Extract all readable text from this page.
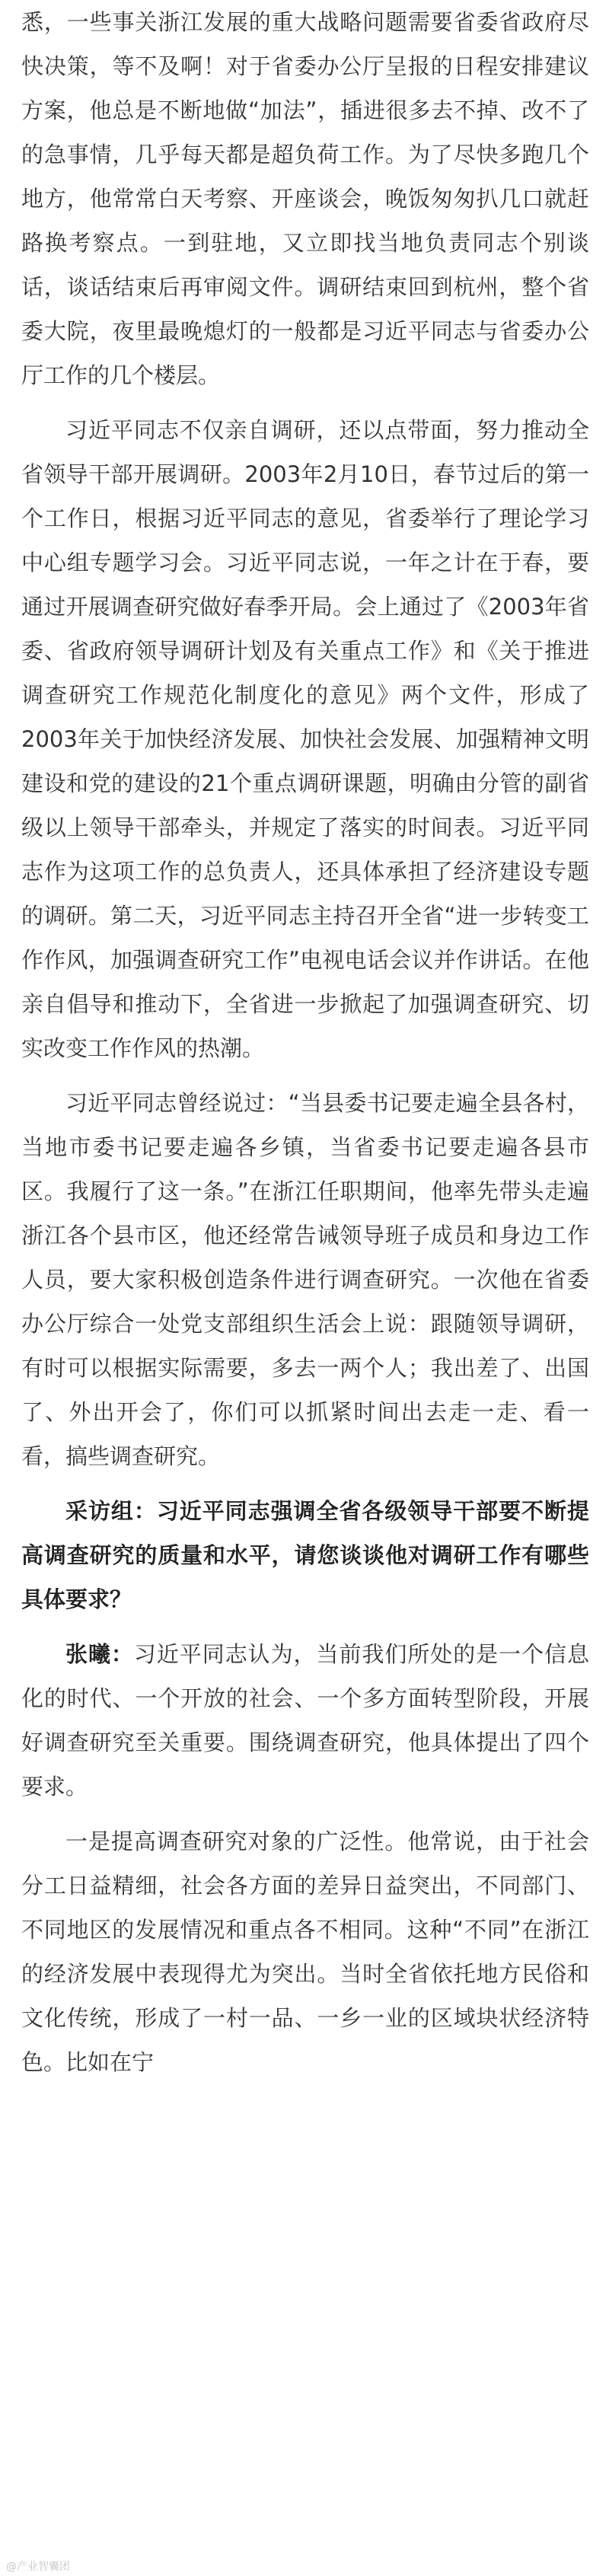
悉，一些事关浙江发展的重大战略问题需要省委省政府尽快决策，等不及啊！对于省委办公厅呈报的日程安排建议方案，他总是不断地做“加法”，插进很多去不掉、改不了的急事情，几乎每天都是超负荷工作。为了尽快多跑几个地方，他常常白天考察、开座谈会，晚饭匆匆扒几口就赶路换考察点。一到驻地，又立即找当地负责同志个别谈话，谈话结束后再审阅文件。调研结束回到杭州，整个省委大院，夜里最晚熄灯的一般都是习近平同志与省委办公厅工作的几个楼层。

习近平同志不仅亲自调研，还以点带面，努力推动全省领导干部开展调研。2003年2月10日，春节过后的第一个工作日，根据习近平同志的意见，省委举行了理论学习中心组专题学习会。习近平同志说，一年之计在于春，要通过开展调查研究做好春季开局。会上通过了《2003年省委、省政府领导调研计划及有关重点工作》和《关于推进调查研究工作规范化制度化的意见》两个文件，形成了2003年关于加快经济发展、加快社会发展、加强精神文明建设和党的建设的21个重点调研课题，明确由分管的副省级以上领导干部牵头，并规定了落实的时间表。习近平同志作为这项工作的总负责人，还具体承担了经济建设专题的调研。第二天，习近平同志主持召开全省“进一步转变工作作风，加强调查研究工作”电视电话会议并作讲话。在他亲自倡导和推动下，全省进一步掀起了加强调查研究、切实改变工作作风的热潮。

习近平同志曾经说过：“当县委书记要走遍全县各村，当地市委书记要走遍各乡镇，当省委书记要走遍各县市区。我履行了这一条。”在浙江任职期间，他率先带头走遍浙江各个县市区，他还经常告诫领导班子成员和身边工作人员，要大家积极创造条件进行调查研究。一次他在省委办公厅综合一处党支部组织生活会上说：跟随领导调研，有时可以根据实际需要，多去一两个人；我出差了、出国了、外出开会了，你们可以抓紧时间出去走一走、看一看，搞些调查研究。

采访组：习近平同志强调全省各级领导干部要不断提高调查研究的质量和水平，请您谈谈他对调研工作有哪些具体要求？

张曦：习近平同志认为，当前我们所处的是一个信息化的时代、一个开放的社会、一个多方面转型阶段，开展好调查研究至关重要。围绕调查研究，他具体提出了四个要求。

一是提高调查研究对象的广泛性。他常说，由于社会分工日益精细，社会各方面的差异日益突出，不同部门、不同地区的发展情况和重点各不相同。这种“不同”在浙江的经济发展中表现得尤为突出。当时全省依托地方民俗和文化传统，形成了一村一品、一乡一业的区域块状经济特色。比如在宁

@产业智囊团
